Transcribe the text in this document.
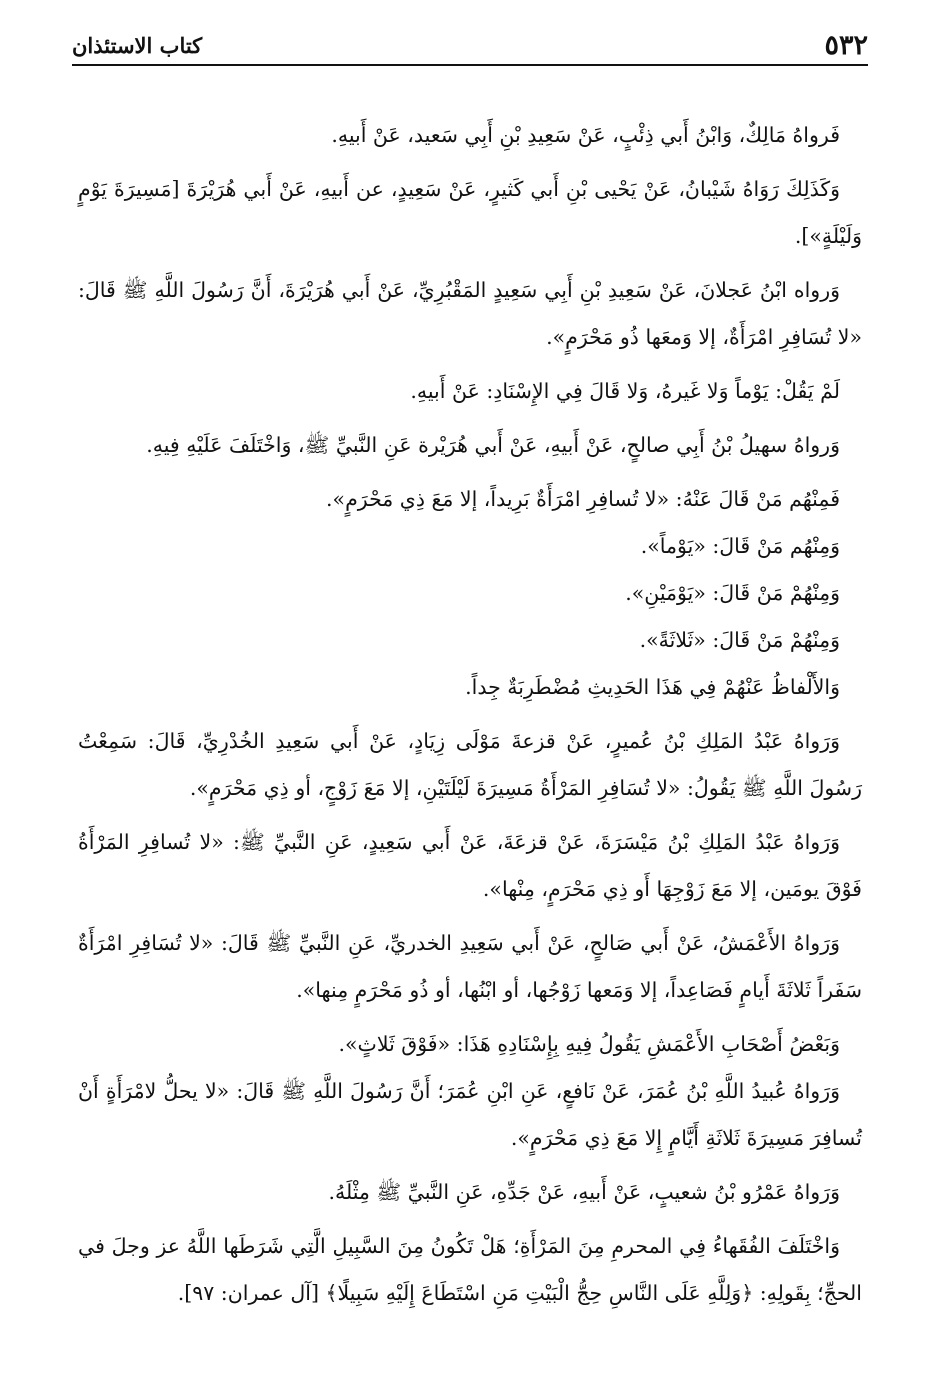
٥٣٢
كتاب الاستئذان

فَرواهُ مَالِكٌ، وَابْنُ أَبي ذِئْبٍ، عَنْ سَعِيدِ بْنِ أَبِي سَعيد، عَنْ أَبيهِ.

وَكَذَلِكَ رَوَاهُ شَيْبانُ، عَنْ يَحْيى بْنِ أَبي كَثيرٍ، عَنْ سَعِيدٍ، عن أَبيهِ، عَنْ أَبي هُرَيْرَةَ [مَسِيرَةَ يَوْمٍ وَلَيْلَةٍ»].

وَرواه ابْنُ عَجلانَ، عَنْ سَعِيدِ بْنِ أَبِي سَعِيدٍ المَقْبُرِيِّ، عَنْ أَبي هُرَيْرَةَ، أَنَّ رَسُولَ اللَّهِ ﷺ قَالَ: «لا تُسَافِرِ امْرَأَةٌ، إلا وَمعَها ذُو مَحْرَمٍ».

لَمْ يَقُلْ: يَوْماً وَلا غَيرهُ، وَلا قَالَ فِي الإِسْنَادِ: عَنْ أَبيهِ.

وَرواهُ سهيلُ بْنُ أَبِي صالحٍ، عَنْ أَبيهِ، عَنْ أَبي هُرَيْرة عَنِ النَّبيِّ ﷺ، وَاخْتَلَفَ عَلَيْهِ فِيهِ.

فَمِنْهُم مَنْ قَالَ عَنْهُ: «لا تُسافِرِ امْرَأَةٌ بَرِيداً، إلا مَعَ ذِي مَحْرَمٍ».

وَمِنْهُم مَنْ قَالَ: «يَوْماً».

وَمِنْهُمْ مَنْ قَالَ: «يَوْمَيْنِ».

وَمِنْهُمْ مَنْ قَالَ: «ثَلاثَةً».

وَالأَلْفاظُ عَنْهُمْ فِي هَذَا الحَدِيثِ مُضْطَرِبَةٌ جِداً.

وَرَواهُ عَبْدُ المَلِكِ بْنُ عُميرٍ، عَنْ قزعةَ مَوْلَى زِيَادٍ، عَنْ أَبي سَعِيدِ الخُدْرِيِّ، قَالَ: سَمِعْتُ رَسُولَ اللَّهِ ﷺ يَقُولُ: «لا تُسَافِرِ المَرْأَةُ مَسِيرَةَ لَيْلَتَيْنِ، إلا مَعَ زَوْجٍ، أو ذِي مَحْرَمٍ».

وَرَواهُ عَبْدُ المَلِكِ بْنُ مَيْسَرَةَ، عَنْ قزعَةَ، عَنْ أَبي سَعِيدٍ، عَنِ النَّبيِّ ﷺ: «لا تُسافِرِ المَرْأَةُ فَوْقَ يومَين، إلا مَعَ زَوْجِهَا أَو ذِي مَحْرَمٍ، مِنْها».

وَرَواهُ الأَعْمَشُ، عَنْ أَبي صَالحٍ، عَنْ أَبي سَعِيدِ الخدريِّ، عَنِ النَّبيِّ ﷺ قَالَ: «لا تُسَافِرِ امْرَأَةٌ سَفَراً ثَلاثَةَ أَيامٍ فَصَاعِداً، إلا وَمَعها زَوْجُها، أو ابْنُها، أو ذُو مَحْرَمٍ مِنها».

وَبَعْضُ أَصْحَابِ الأَعْمَشِ يَقُولُ فِيهِ بِإِسْنَادِهِ هَذَا: «فَوْقَ ثَلاثٍ».

وَرَواهُ عُبيدُ اللَّهِ بْنُ عُمَرَ، عَنْ نَافعٍ، عَنِ ابْنِ عُمَرَ؛ أَنَّ رَسُولَ اللَّهِ ﷺ قَالَ: «لا يحلُّ لامْرَأَةٍ أَنْ تُسافِرَ مَسِيرَةَ ثَلاثَةِ أَيَّامٍ إِلا مَعَ ذِي مَحْرَمٍ».

وَرَواهُ عَمْرُو بْنُ شعيبٍ، عَنْ أَبيهِ، عَنْ جَدِّهِ، عَنِ النَّبيِّ ﷺ مِثْلَهُ.

وَاخْتَلَفَ الفُقَهاءُ فِي المحرمِ مِنَ المَرْأَةِ؛ هَلْ تَكُونُ مِنَ السَّبِيلِ الَّتِي شَرَطَها اللَّهُ عز وجلَ في الحجِّ؛ بِقَولِهِ: ﴿وَلِلَّهِ عَلَى النَّاسِ حِجُّ الْبَيْتِ مَنِ اسْتَطَاعَ إِلَيْهِ سَبِيلًا﴾ [آل عمران: ٩٧].
